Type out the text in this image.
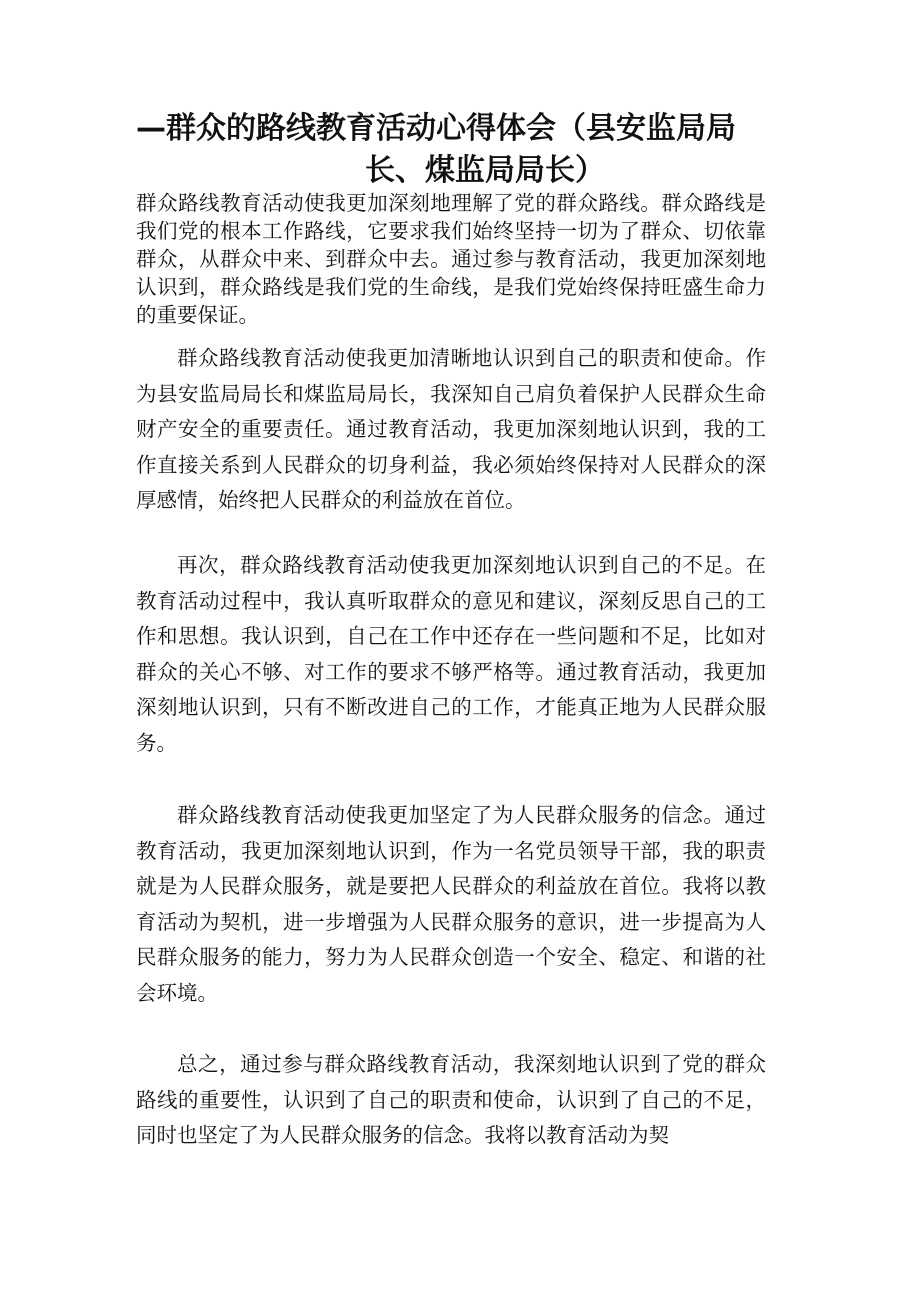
—群众的路线教育活动心得体会（县安监局局
长、煤监局局长）

群众路线教育活动使我更加深刻地理解了党的群众路线。群众路线是我们党的根本工作路线，它要求我们始终坚持一切为了群众、切依靠群众，从群众中来、到群众中去。通过参与教育活动，我更加深刻地认识到，群众路线是我们党的生命线，是我们党始终保持旺盛生命力的重要保证。

群众路线教育活动使我更加清晰地认识到自己的职责和使命。作为县安监局局长和煤监局局长，我深知自己肩负着保护人民群众生命财产安全的重要责任。通过教育活动，我更加深刻地认识到，我的工作直接关系到人民群众的切身利益，我必须始终保持对人民群众的深厚感情，始终把人民群众的利益放在首位。

再次，群众路线教育活动使我更加深刻地认识到自己的不足。在教育活动过程中，我认真听取群众的意见和建议，深刻反思自己的工作和思想。我认识到，自己在工作中还存在一些问题和不足，比如对群众的关心不够、对工作的要求不够严格等。通过教育活动，我更加深刻地认识到，只有不断改进自己的工作，才能真正地为人民群众服务。

群众路线教育活动使我更加坚定了为人民群众服务的信念。通过教育活动，我更加深刻地认识到，作为一名党员领导干部，我的职责就是为人民群众服务，就是要把人民群众的利益放在首位。我将以教育活动为契机，进一步增强为人民群众服务的意识，进一步提高为人民群众服务的能力，努力为人民群众创造一个安全、稳定、和谐的社会环境。

总之，通过参与群众路线教育活动，我深刻地认识到了党的群众路线的重要性，认识到了自己的职责和使命，认识到了自己的不足，同时也坚定了为人民群众服务的信念。我将以教育活动为契
